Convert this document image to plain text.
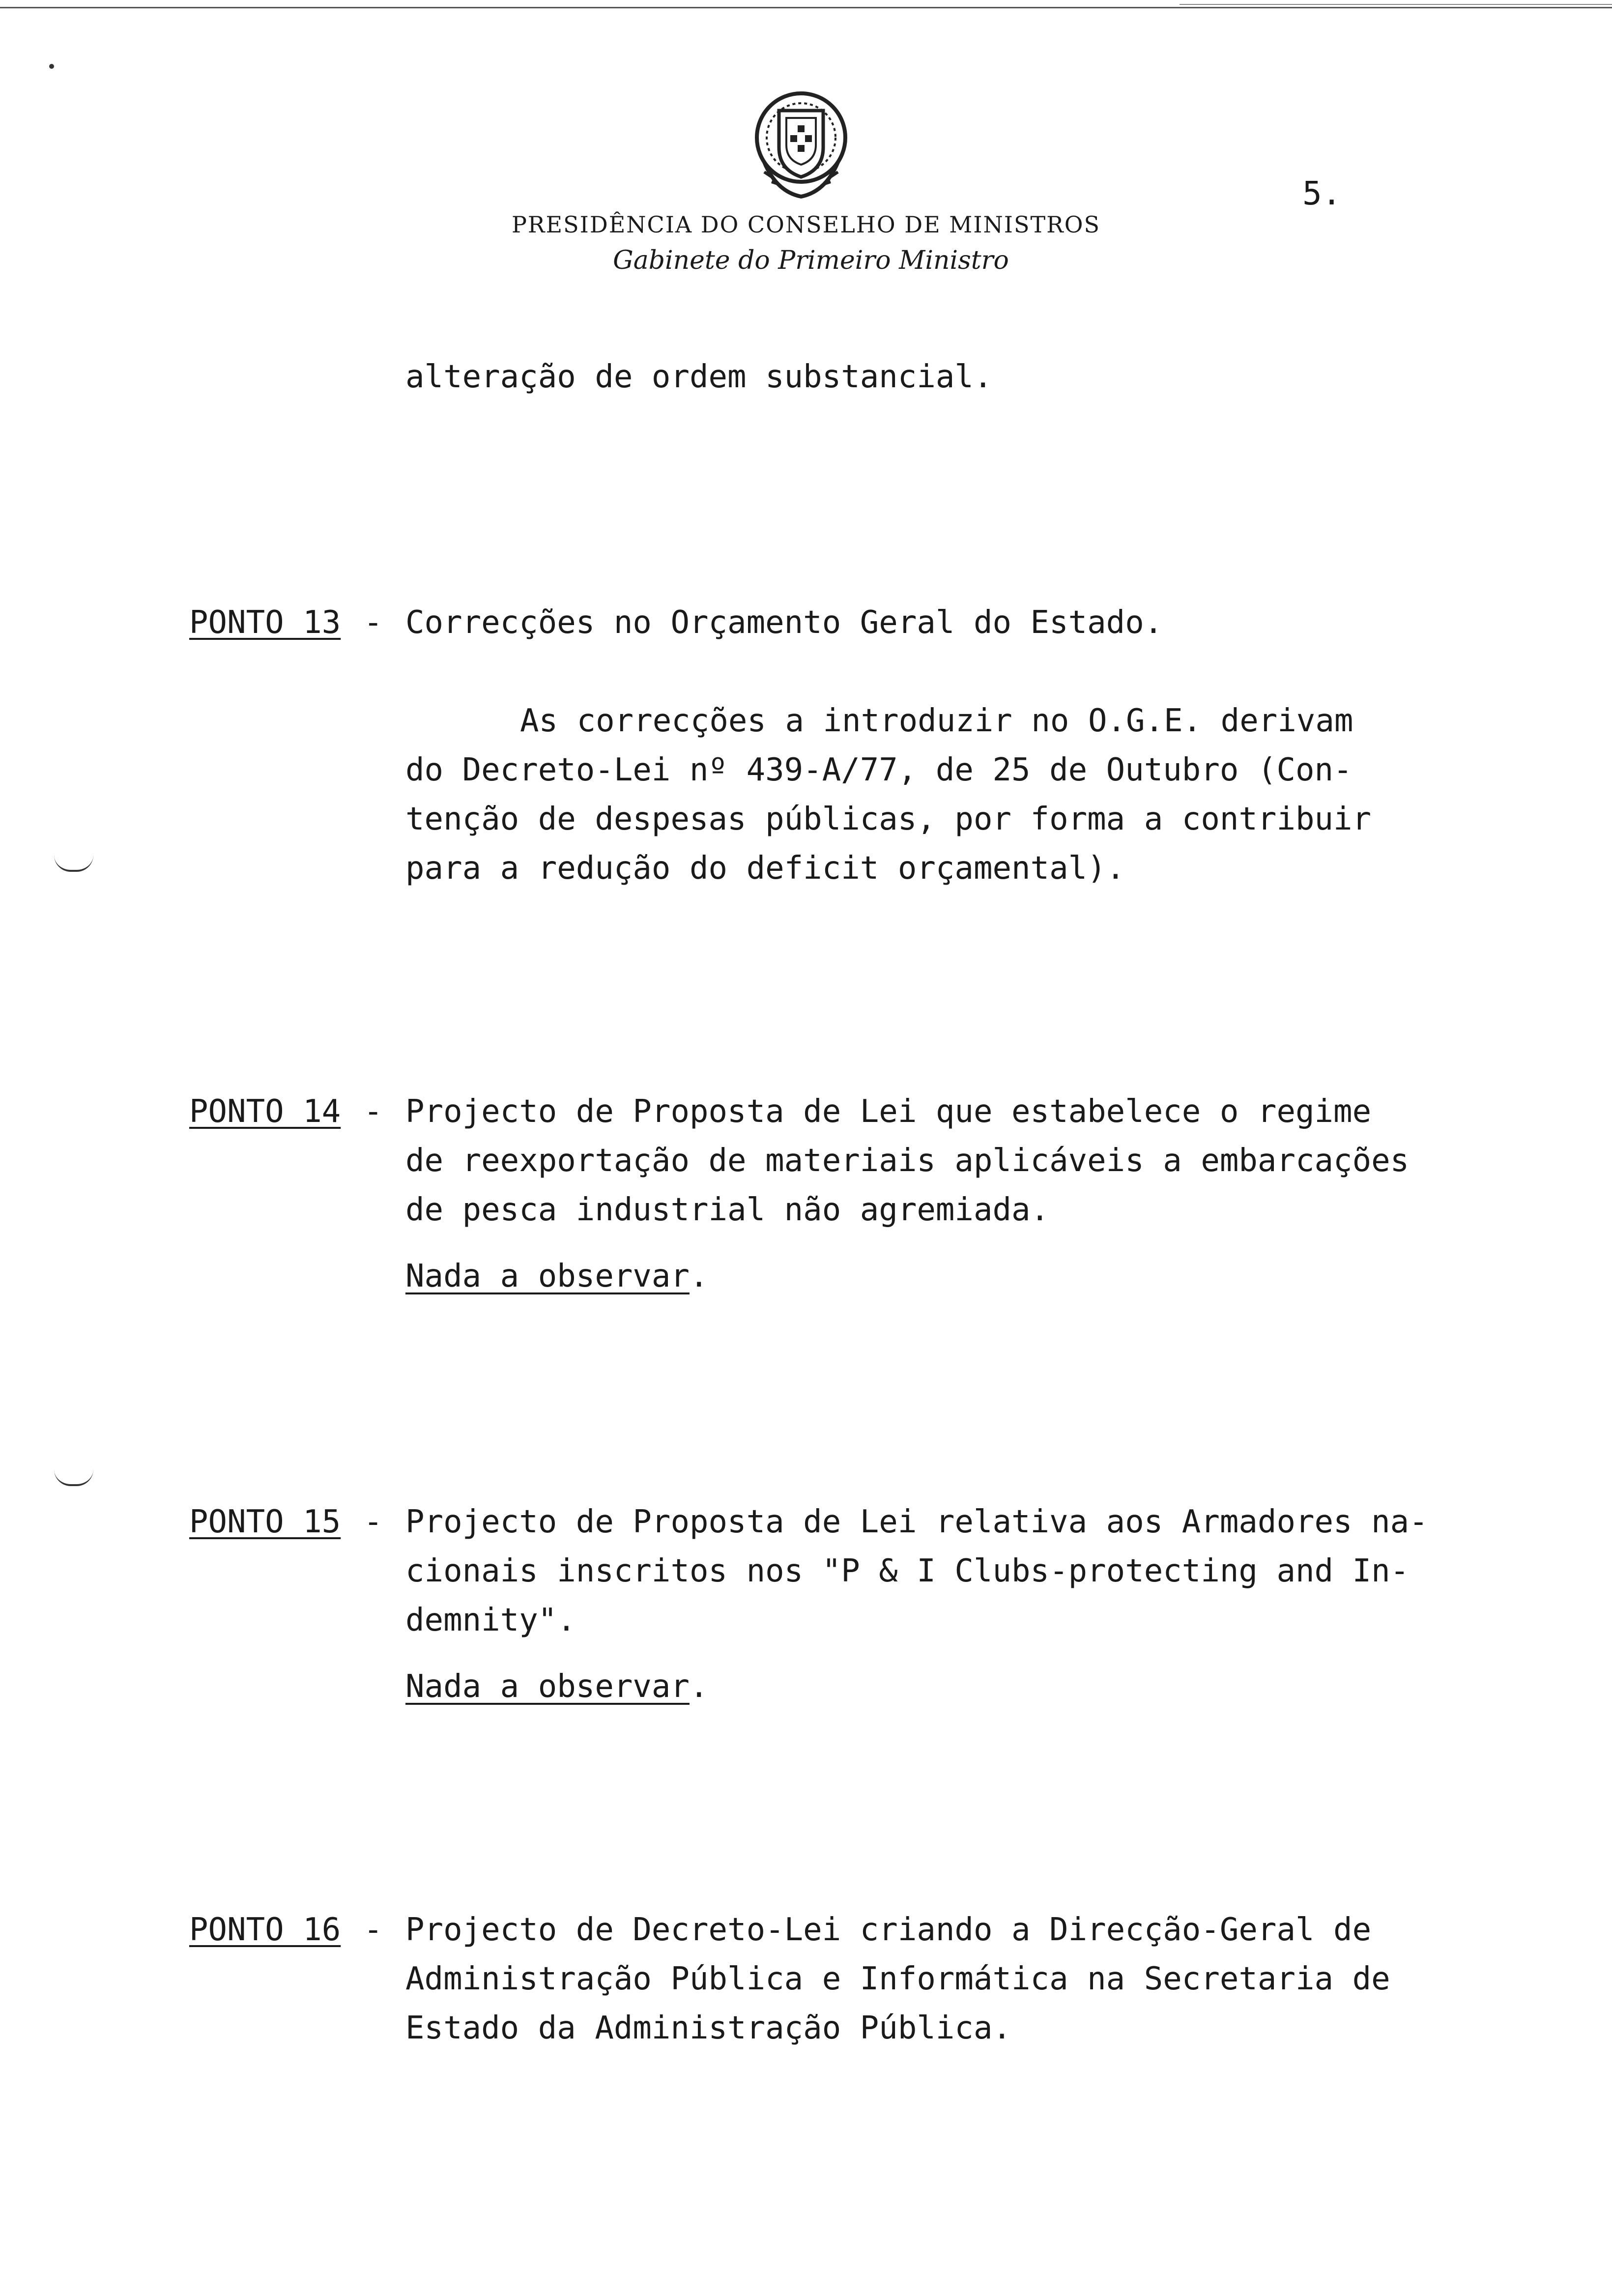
PRESIDÊNCIA DO CONSELHO DE MINISTROS
Gabinete do Primeiro Ministro
5.
alteração de ordem substancial.
PONTO 13 - Correcções no Orçamento Geral do Estado.
As correcções a introduzir no O.G.E. derivam
do Decreto-Lei nº 439-A/77, de 25 de Outubro (Con-
tenção de despesas públicas, por forma a contribuir
para a redução do deficit orçamental).
PONTO 14 - Projecto de Proposta de Lei que estabelece o regime
de reexportação de materiais aplicáveis a embarcações
de pesca industrial não agremiada.
Nada a observar.
PONTO 15 - Projecto de Proposta de Lei relativa aos Armadores na-
cionais inscritos nos "P & I Clubs-protecting and In-
demnity".
Nada a observar.
PONTO 16 - Projecto de Decreto-Lei criando a Direcção-Geral de
Administração Pública e Informática na Secretaria de
Estado da Administração Pública.
